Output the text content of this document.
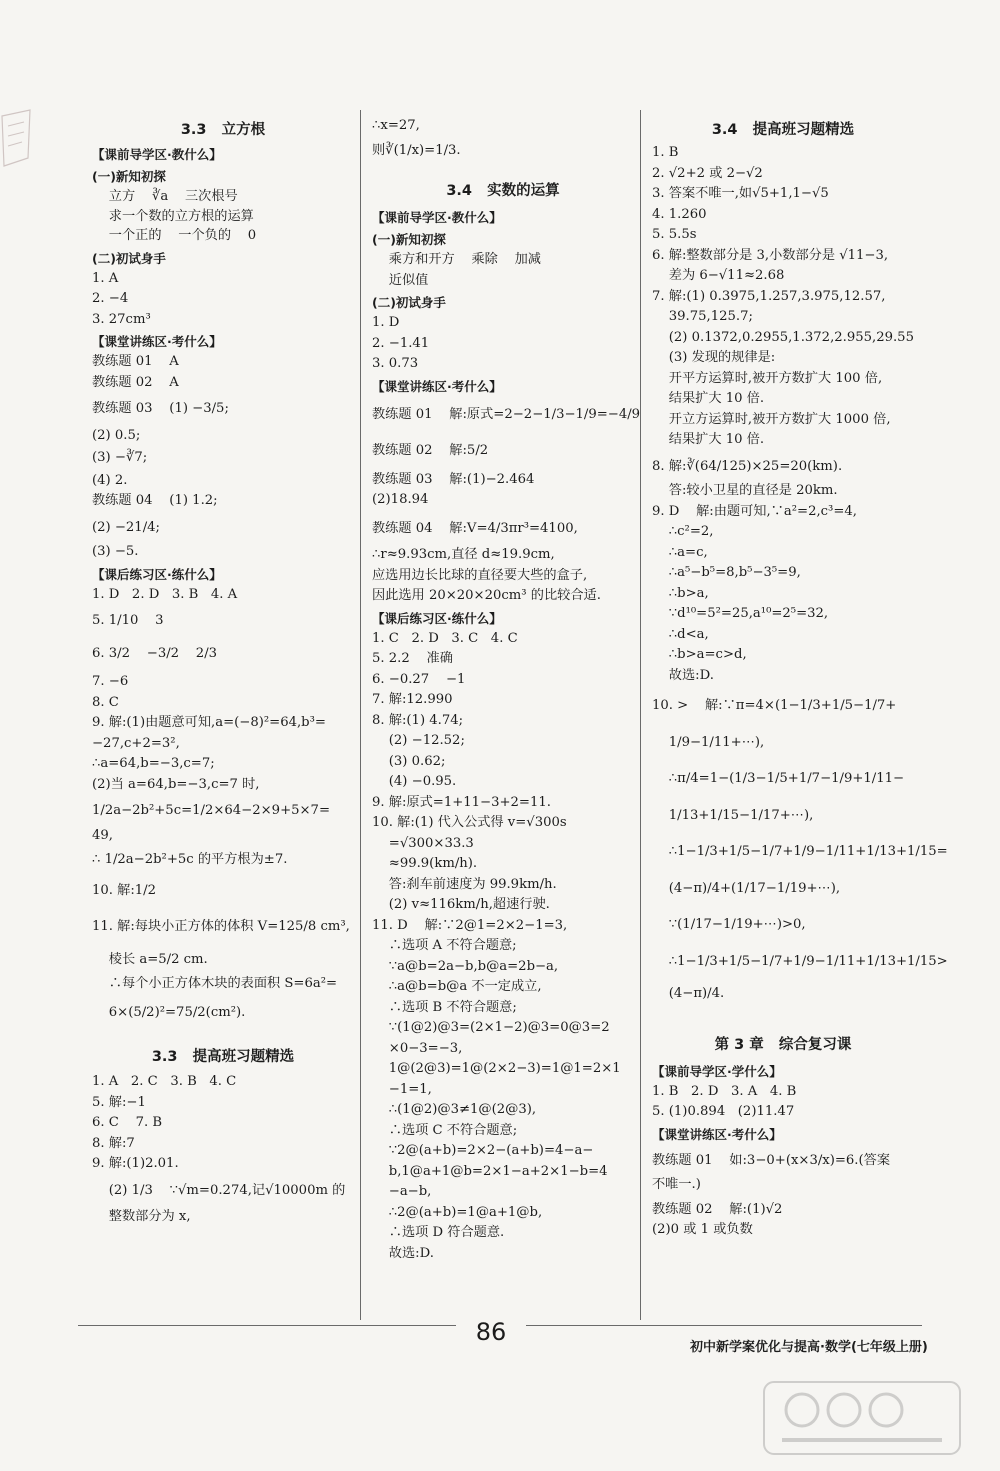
3.3   立方根
【课前导学区·教什么】
(一)新知初探
立方    ∛a    三次根号
求一个数的立方根的运算
一个正的    一个负的    0
(二)初试身手
1. A
2. −4
3. 27cm³
【课堂讲练区·考什么】
教练题 01    A
教练题 02    A
教练题 03    (1) −3/5;
(2) 0.5;
(3) −∛7;
(4) 2.
教练题 04    (1) 1.2;
(2) −21/4;
(3) −5.
【课后练习区·练什么】
1. D   2. D   3. B   4. A
5. 1/10    3
6. 3/2    −3/2    2/3
7. −6
8. C
9. 解:(1)由题意可知,a=(−8)²=64,b³=
−27,c+2=3²,
∴a=64,b=−3,c=7;
(2)当 a=64,b=−3,c=7 时,
1/2a−2b²+5c=1/2×64−2×9+5×7=
49,
∴ 1/2a−2b²+5c 的平方根为±7.
10. 解:1/2
11. 解:每块小正方体的体积 V=125/8 cm³,
棱长 a=5/2 cm.
∴每个小正方体木块的表面积 S=6a²=
6×(5/2)²=75/2(cm²).
3.3   提高班习题精选
1. A   2. C   3. B   4. C
5. 解:−1
6. C    7. B
8. 解:7
9. 解:(1)2.01.
(2) 1/3    ∵√m=0.274,记√10000m 的
整数部分为 x,
∴x=27,
则∛(1/x)=1/3.
3.4   实数的运算
【课前导学区·教什么】
(一)新知初探
乘方和开方    乘除    加减
近似值
(二)初试身手
1. D
2. −1.41
3. 0.73
【课堂讲练区·考什么】
教练题 01    解:原式=2−2−1/3−1/9=−4/9
教练题 02    解:5/2
教练题 03    解:(1)−2.464
(2)18.94
教练题 04    解:V=4/3πr³=4100,
∴r≈9.93cm,直径 d≈19.9cm,
应选用边长比球的直径要大些的盒子,
因此选用 20×20×20cm³ 的比较合适.
【课后练习区·练什么】
1. C   2. D   3. C   4. C
5. 2.2    准确
6. −0.27    −1
7. 解:12.990
8. 解:(1) 4.74;
(2) −12.52;
(3) 0.62;
(4) −0.95.
9. 解:原式=1+11−3+2=11.
10. 解:(1) 代入公式得 v=√300s
=√300×33.3
≈99.9(km/h).
答:刹车前速度为 99.9km/h.
(2) v≈116km/h,超速行驶.
11. D    解:∵2@1=2×2−1=3,
∴选项 A 不符合题意;
∵a@b=2a−b,b@a=2b−a,
∴a@b=b@a 不一定成立,
∴选项 B 不符合题意;
∵(1@2)@3=(2×1−2)@3=0@3=2
×0−3=−3,
1@(2@3)=1@(2×2−3)=1@1=2×1
−1=1,
∴(1@2)@3≠1@(2@3),
∴选项 C 不符合题意;
∵2@(a+b)=2×2−(a+b)=4−a−
b,1@a+1@b=2×1−a+2×1−b=4
−a−b,
∴2@(a+b)=1@a+1@b,
∴选项 D 符合题意.
故选:D.
3.4   提高班习题精选
1. B
2. √2+2 或 2−√2
3. 答案不唯一,如√5+1,1−√5
4. 1.260
5. 5.5s
6. 解:整数部分是 3,小数部分是 √11−3,
差为 6−√11≈2.68
7. 解:(1) 0.3975,1.257,3.975,12.57,
39.75,125.7;
(2) 0.1372,0.2955,1.372,2.955,29.55
(3) 发现的规律是:
开平方运算时,被开方数扩大 100 倍,
结果扩大 10 倍.
开立方运算时,被开方数扩大 1000 倍,
结果扩大 10 倍.
8. 解:∛(64/125)×25=20(km).
答:较小卫星的直径是 20km.
9. D    解:由题可知,∵a²=2,c³=4,
∴c²=2,
∴a=c,
∴a⁵−b⁵=8,b⁵−3⁵=9,
∴b>a,
∵d¹⁰=5²=25,a¹⁰=2⁵=32,
∴d<a,
∴b>a=c>d,
故选:D.
10. >    解:∵π=4×(1−1/3+1/5−1/7+
1/9−1/11+⋯),
∴π/4=1−(1/3−1/5+1/7−1/9+1/11−
1/13+1/15−1/17+⋯),
∴1−1/3+1/5−1/7+1/9−1/11+1/13+1/15=
(4−π)/4+(1/17−1/19+⋯),
∵(1/17−1/19+⋯)>0,
∴1−1/3+1/5−1/7+1/9−1/11+1/13+1/15>
(4−π)/4.
第 3 章   综合复习课
【课前导学区·学什么】
1. B   2. D   3. A   4. B
5. (1)0.894   (2)11.47
【课堂讲练区·考什么】
教练题 01    如:3−0+(x×3/x)=6.(答案
不唯一.)
教练题 02    解:(1)√2
(2)0 或 1 或负数
86
初中新学案优化与提高·数学(七年级上册)
